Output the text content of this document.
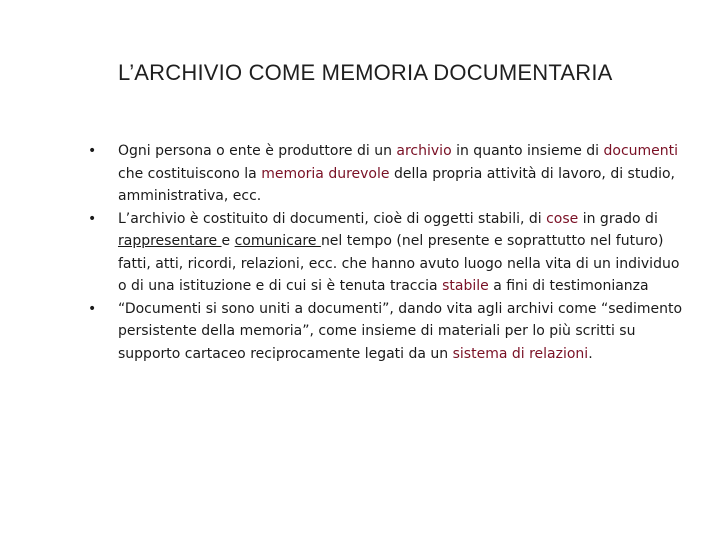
L’ARCHIVIO COME MEMORIA DOCUMENTARIA
•	Ogni persona o ente è produttore di un archivio in quanto insieme di documenti che costituiscono la memoria durevole della propria attività di lavoro, di studio, amministrativa, ecc.
•	L’archivio è costituito di documenti, cioè di oggetti stabili, di cose in grado di rappresentare e comunicare nel tempo (nel presente e soprattutto nel futuro) fatti, atti, ricordi, relazioni, ecc. che hanno avuto luogo nella vita di un individuo o di una istituzione e di cui si è tenuta traccia stabile a fini di testimonianza
•	“Documenti si sono uniti a documenti”, dando vita agli archivi come “sedimento persistente della memoria”, come insieme di materiali per lo più scritti su supporto cartaceo reciprocamente legati da un sistema di relazioni.
